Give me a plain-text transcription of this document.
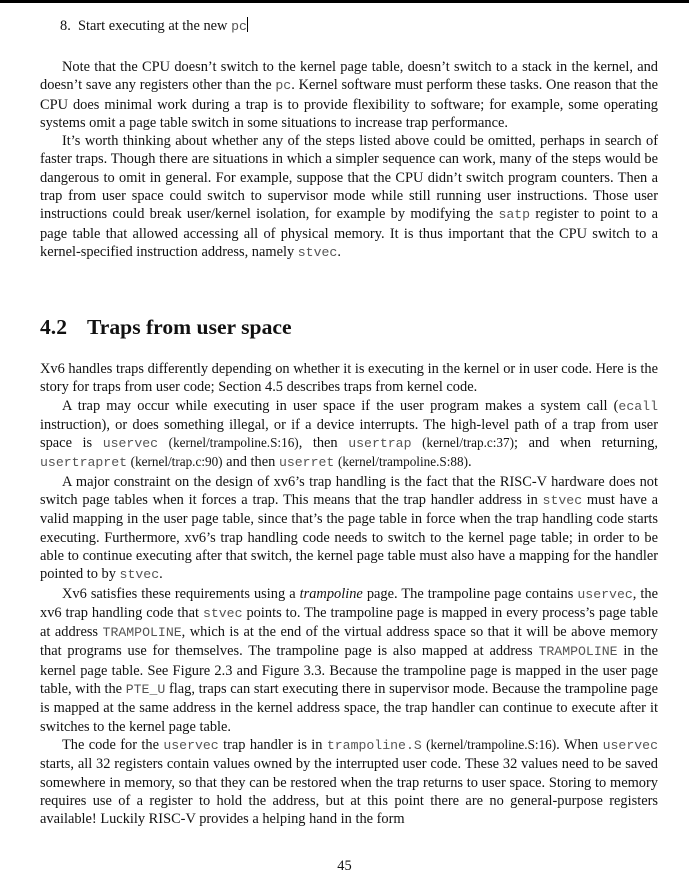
8. Start executing at the new pc

Note that the CPU doesn’t switch to the kernel page table, doesn’t switch to a stack in the kernel, and doesn’t save any registers other than the pc. Kernel software must perform these tasks. One reason that the CPU does minimal work during a trap is to provide flexibility to software; for example, some operating systems omit a page table switch in some situations to increase trap performance.

It’s worth thinking about whether any of the steps listed above could be omitted, perhaps in search of faster traps. Though there are situations in which a simpler sequence can work, many of the steps would be dangerous to omit in general. For example, suppose that the CPU didn’t switch program counters. Then a trap from user space could switch to supervisor mode while still running user instructions. Those user instructions could break user/kernel isolation, for example by modifying the satp register to point to a page table that allowed accessing all of physical memory. It is thus important that the CPU switch to a kernel-specified instruction address, namely stvec.

4.2 Traps from user space

Xv6 handles traps differently depending on whether it is executing in the kernel or in user code. Here is the story for traps from user code; Section 4.5 describes traps from kernel code.

A trap may occur while executing in user space if the user program makes a system call (ecall instruction), or does something illegal, or if a device interrupts. The high-level path of a trap from user space is uservec (kernel/trampoline.S:16), then usertrap (kernel/trap.c:37); and when returning, usertrapret (kernel/trap.c:90) and then userret (kernel/trampoline.S:88).

A major constraint on the design of xv6’s trap handling is the fact that the RISC-V hardware does not switch page tables when it forces a trap. This means that the trap handler address in stvec must have a valid mapping in the user page table, since that’s the page table in force when the trap handling code starts executing. Furthermore, xv6’s trap handling code needs to switch to the kernel page table; in order to be able to continue executing after that switch, the kernel page table must also have a mapping for the handler pointed to by stvec.

Xv6 satisfies these requirements using a trampoline page. The trampoline page contains uservec, the xv6 trap handling code that stvec points to. The trampoline page is mapped in every process’s page table at address TRAMPOLINE, which is at the end of the virtual address space so that it will be above memory that programs use for themselves. The trampoline page is also mapped at address TRAMPOLINE in the kernel page table. See Figure 2.3 and Figure 3.3. Because the trampoline page is mapped in the user page table, with the PTE_U flag, traps can start executing there in supervisor mode. Because the trampoline page is mapped at the same address in the kernel address space, the trap handler can continue to execute after it switches to the kernel page table.

The code for the uservec trap handler is in trampoline.S (kernel/trampoline.S:16). When uservec starts, all 32 registers contain values owned by the interrupted user code. These 32 values need to be saved somewhere in memory, so that they can be restored when the trap returns to user space. Storing to memory requires use of a register to hold the address, but at this point there are no general-purpose registers available! Luckily RISC-V provides a helping hand in the form

45
